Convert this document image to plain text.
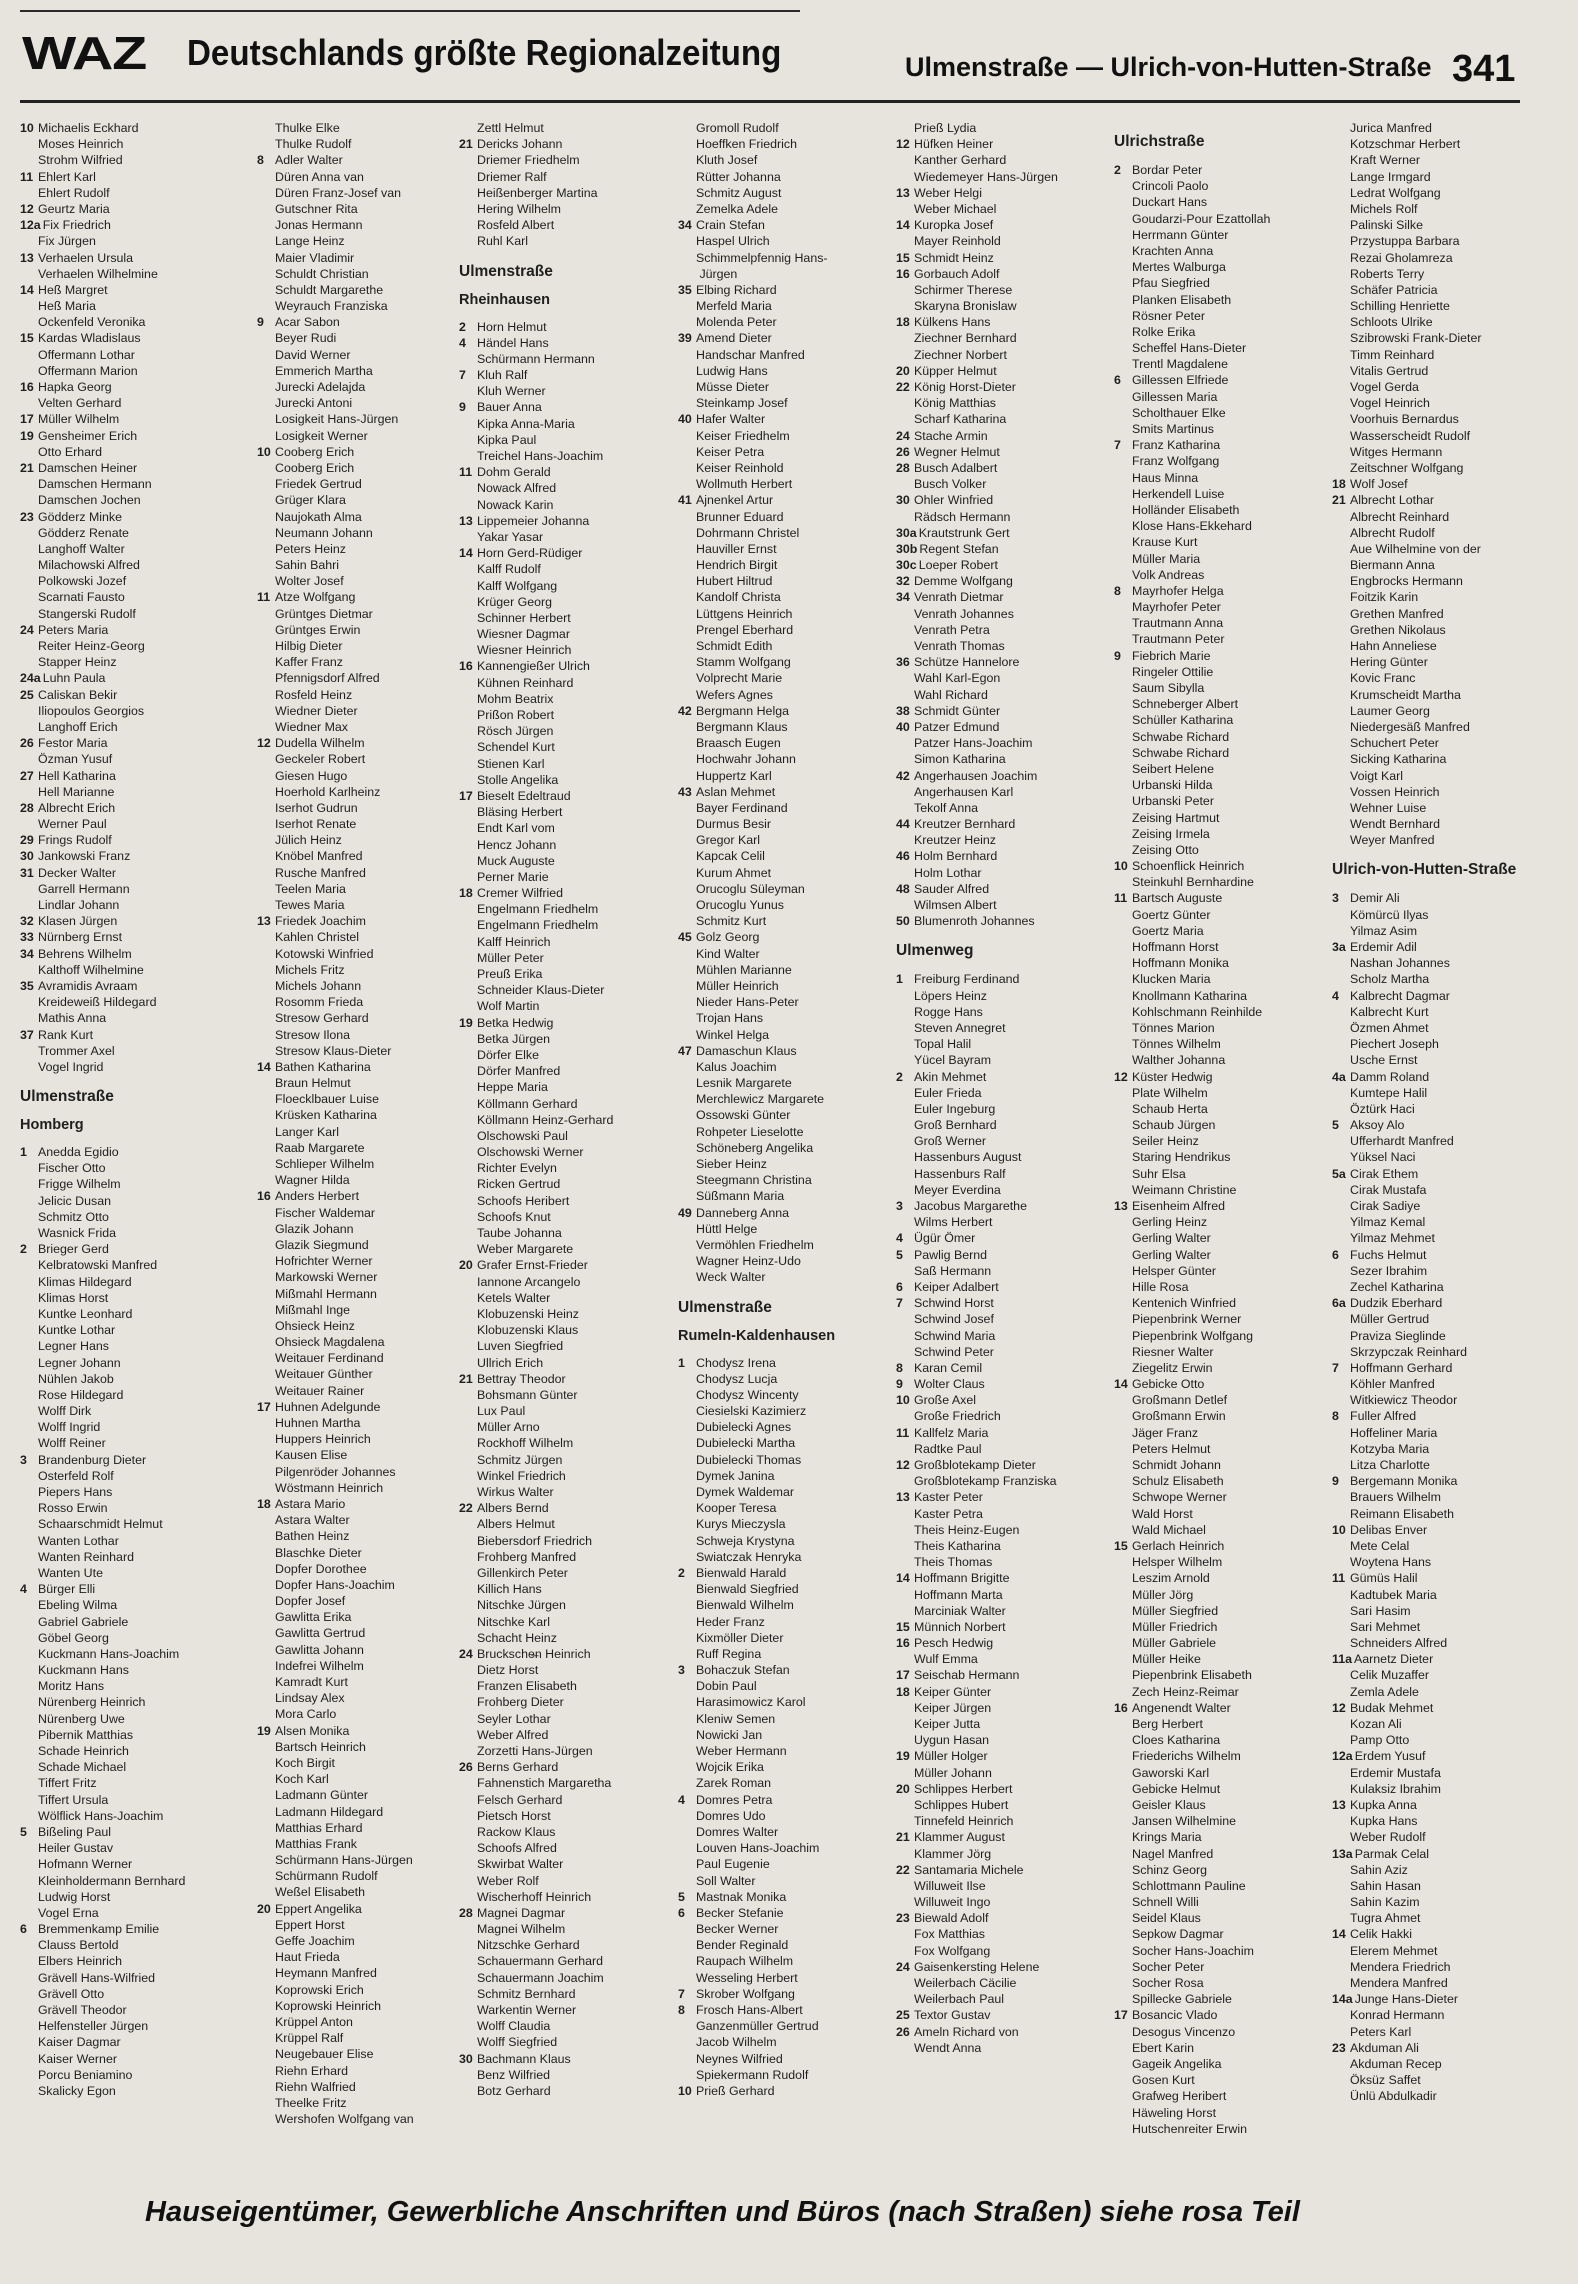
WAZ Deutschlands größte Regionalzeitung	Ulmenstraße — Ulrich-von-Hutten-Straße 341
10 Michaelis Eckhard
Moses Heinrich
Strohm Wilfried
11 Ehlert Karl
Ehlert Rudolf
12 Geurtz Maria
12a Fix Friedrich
Fix Jürgen
13 Verhaelen Ursula
Verhaelen Wilhelmine
14 Heß Margret
Heß Maria
Ockenfeld Veronika
15 Kardas Wladislaus
Offermann Lothar
Offermann Marion
16 Hapka Georg
Velten Gerhard
17 Müller Wilhelm
19 Gensheimer Erich
Otto Erhard
21 Damschen Heiner
Damschen Hermann
Damschen Jochen
23 Gödderz Minke
Gödderz Renate
Langhoff Walter
Milachowski Alfred
Polkowski Jozef
Scarnati Fausto
Stangerski Rudolf
24 Peters Maria
Reiter Heinz-Georg
Stapper Heinz
24a Luhn Paula
25 Caliskan Bekir
Iliopoulos Georgios
Langhoff Erich
26 Festor Maria
Özman Yusuf
27 Hell Katharina
Hell Marianne
28 Albrecht Erich
Werner Paul
29 Frings Rudolf
30 Jankowski Franz
31 Decker Walter
Garrell Hermann
Lindlar Johann
32 Klasen Jürgen
33 Nürnberg Ernst
34 Behrens Wilhelm
Kalthoff Wilhelmine
35 Avramidis Avraam
Kreideweiß Hildegard
Mathis Anna
37 Rank Kurt
Trommer Axel
Vogel Ingrid
Ulmenstraße
Homberg
1 Anedda Egidio
Fischer Otto
Frigge Wilhelm
Jelicic Dusan
Schmitz Otto
Wasnick Frida
2 Brieger Gerd
Kelbratowski Manfred
Klimas Hildegard
Klimas Horst
Kuntke Leonhard
Kuntke Lothar
Legner Hans
Legner Johann
Nühlen Jakob
Rose Hildegard
Wolff Dirk
Wolff Ingrid
Wolff Reiner
3 Brandenburg Dieter
Osterfeld Rolf
Piepers Hans
Rosso Erwin
Schaarschmidt Helmut
Wanten Lothar
Wanten Reinhard
Wanten Ute
4 Bürger Elli
Ebeling Wilma
Gabriel Gabriele
Göbel Georg
Kuckmann Hans-Joachim
Kuckmann Hans
Moritz Hans
Nürenberg Heinrich
Nürenberg Uwe
Pibernik Matthias
Schade Heinrich
Schade Michael
Tiffert Fritz
Tiffert Ursula
Wölflick Hans-Joachim
5 Bißeling Paul
Heiler Gustav
Hofmann Werner
Kleinholdermann Bernhard
Ludwig Horst
Vogel Erna
6 Bremmenkamp Emilie
Clauss Bertold
Elbers Heinrich
Grävell Hans-Wilfried
Grävell Otto
Grävell Theodor
Helfensteller Jürgen
Kaiser Dagmar
Kaiser Werner
Porcu Beniamino
Skalicky Egon
Thulke Elke
Thulke Rudolf
8 Adler Walter
Düren Anna van
Düren Franz-Josef van
Gutschner Rita
Jonas Hermann
Lange Heinz
Maier Vladimir
Schuldt Christian
Schuldt Margarethe
Weyrauch Franziska
9 Acar Sabon
Beyer Rudi
David Werner
Emmerich Martha
Jurecki Adelajda
Jurecki Antoni
Losigkeit Hans-Jürgen
Losigkeit Werner
10 Cooberg Erich
Cooberg Erich
Friedek Gertrud
Grüger Klara
Naujokath Alma
Neumann Johann
Peters Heinz
Sahin Bahri
Wolter Josef
11 Atze Wolfgang
Grüntges Dietmar
Grüntges Erwin
Hilbig Dieter
Kaffer Franz
Pfennigsdorf Alfred
Rosfeld Heinz
Wiedner Dieter
Wiedner Max
12 Dudella Wilhelm
Geckeler Robert
Giesen Hugo
Hoerhold Karlheinz
Iserhot Gudrun
Iserhot Renate
Jülich Heinz
Knöbel Manfred
Rusche Manfred
Teelen Maria
Tewes Maria
13 Friedek Joachim
Kahlen Christel
Kotowski Winfried
Michels Fritz
Michels Johann
Rosomm Frieda
Stresow Gerhard
Stresow Ilona
Stresow Klaus-Dieter
14 Bathen Katharina
Braun Helmut
Floecklbauer Luise
Krüsken Katharina
Langer Karl
Raab Margarete
Schlieper Wilhelm
Wagner Hilda
16 Anders Herbert
Fischer Waldemar
Glazik Johann
Glazik Siegmund
Hofrichter Werner
Markowski Werner
Mißmahl Hermann
Mißmahl Inge
Ohsieck Heinz
Ohsieck Magdalena
Weitauer Ferdinand
Weitauer Günther
Weitauer Rainer
17 Huhnen Adelgunde
Huhnen Martha
Huppers Heinrich
Kausen Elise
Pilgenröder Johannes
Wöstmann Heinrich
18 Astara Mario
Astara Walter
Bathen Heinz
Blaschke Dieter
Dopfer Dorothee
Dopfer Hans-Joachim
Dopfer Josef
Gawlitta Erika
Gawlitta Gertrud
Gawlitta Johann
Indefrei Wilhelm
Kamradt Kurt
Lindsay Alex
Mora Carlo
19 Alsen Monika
Bartsch Heinrich
Koch Birgit
Koch Karl
Ladmann Günter
Ladmann Hildegard
Matthias Erhard
Matthias Frank
Schürmann Hans-Jürgen
Schürmann Rudolf
Weßel Elisabeth
20 Eppert Angelika
Eppert Horst
Geffe Joachim
Haut Frieda
Heymann Manfred
Koprowski Erich
Koprowski Heinrich
Krüppel Anton
Krüppel Ralf
Neugebauer Elise
Riehn Erhard
Riehn Walfried
Theelke Fritz
Wershofen Wolfgang van
Zettl Helmut
21 Dericks Johann
Driemer Friedhelm
Driemer Ralf
Heißenberger Martina
Hering Wilhelm
Rosfeld Albert
Ruhl Karl
Ulmenstraße
Rheinhausen
2 Horn Helmut
4 Händel Hans
Schürmann Hermann
7 Kluh Ralf
Kluh Werner
9 Bauer Anna
Kipka Anna-Maria
Kipka Paul
Treichel Hans-Joachim
11 Dohm Gerald
Nowack Alfred
Nowack Karin
13 Lippemeier Johanna
Yakar Yasar
14 Horn Gerd-Rüdiger
Kalff Rudolf
Kalff Wolfgang
Krüger Georg
Schinner Herbert
Wiesner Dagmar
Wiesner Heinrich
16 Kannengießer Ulrich
Kühnen Reinhard
Mohm Beatrix
Prißon Robert
Rösch Jürgen
Schendel Kurt
Stienen Karl
Stolle Angelika
17 Bieselt Edeltraud
Bläsing Herbert
Endt Karl vom
Hencz Johann
Muck Auguste
Perner Marie
18 Cremer Wilfried
Engelmann Friedhelm
Engelmann Friedhelm
Kalff Heinrich
Müller Peter
Preuß Erika
Schneider Klaus-Dieter
Wolf Martin
19 Betka Hedwig
Betka Jürgen
Dörfer Elke
Dörfer Manfred
Heppe Maria
Köllmann Gerhard
Köllmann Heinz-Gerhard
Olschowski Paul
Olschowski Werner
Richter Evelyn
Ricken Gertrud
Schoofs Heribert
Schoofs Knut
Taube Johanna
Weber Margarete
20 Grafer Ernst-Frieder
Iannone Arcangelo
Ketels Walter
Klobuzenski Heinz
Klobuzenski Klaus
Luven Siegfried
Ullrich Erich
21 Bettray Theodor
Bohsmann Günter
Lux Paul
Müller Arno
Rockhoff Wilhelm
Schmitz Jürgen
Winkel Friedrich
Wirkus Walter
22 Albers Bernd
Albers Helmut
Biebersdorf Friedrich
Frohberg Manfred
Gillenkirch Peter
Killich Hans
Nitschke Jürgen
Nitschke Karl
Schacht Heinz
24 Brucksche̶n Heinrich
Dietz Horst
Franzen Elisabeth
Frohberg Dieter
Seyler Lothar
Weber Alfred
Zorzetti Hans-Jürgen
26 Berns Gerhard
Fahnenstich Margaretha
Felsch Gerhard
Pietsch Horst
Rackow Klaus
Schoofs Alfred
Skwirbat Walter
Weber Rolf
Wischerhoff Heinrich
28 Magnei Dagmar
Magnei Wilhelm
Nitzschke Gerhard
Schauermann Gerhard
Schauermann Joachim
Schmitz Bernhard
Warkentin Werner
Wolff Claudia
Wolff Siegfried
30 Bachmann Klaus
Benz Wilfried
Botz Gerhard
Gromoll Rudolf
Hoeffken Friedrich
Kluth Josef
Rütter Johanna
Schmitz August
Zemelka Adele
34 Crain Stefan
Haspel Ulrich
Schimmelpfennig Hans-
Jürgen
35 Elbing Richard
Merfeld Maria
Molenda Peter
39 Amend Dieter
Handschar Manfred
Ludwig Hans
Müsse Dieter
Steinkamp Josef
40 Hafer Walter
Keiser Friedhelm
Keiser Petra
Keiser Reinhold
Wollmuth Herbert
41 Ajnenkel Artur
Brunner Eduard
Dohrmann Christel
Hauviller Ernst
Hendrich Birgit
Hubert Hiltrud
Kandolf Christa
Lüttgens Heinrich
Prengel Eberhard
Schmidt Edith
Stamm Wolfgang
Volprecht Marie
Wefers Agnes
42 Bergmann Helga
Bergmann Klaus
Braasch Eugen
Hochwahr Johann
Huppertz Karl
43 Aslan Mehmet
Bayer Ferdinand
Durmus Besir
Gregor Karl
Kapcak Celil
Kurum Ahmet
Orucoglu Süleyman
Orucoglu Yunus
Schmitz Kurt
45 Golz Georg
Kind Walter
Mühlen Marianne
Müller Heinrich
Nieder Hans-Peter
Trojan Hans
Winkel Helga
47 Damaschun Klaus
Kalus Joachim
Lesnik Margarete
Merchlewicz Margarete
Ossowski Günter
Rohpeter Lieselotte
Schöneberg Angelika
Sieber Heinz
Steegmann Christina
Süßmann Maria
49 Danneberg Anna
Hüttl Helge
Vermöhlen Friedhelm
Wagner Heinz-Udo
Weck Walter
Ulmenstraße
Rumeln-Kaldenhausen
1 Chodysz Irena
Chodysz Lucja
Chodysz Wincenty
Ciesielski Kazimierz
Dubielecki Agnes
Dubielecki Martha
Dubielecki Thomas
Dymek Janina
Dymek Waldemar
Kooper Teresa
Kurys Mieczysla
Schweja Krystyna
Swiatczak Henryka
2 Bienwald Harald
Bienwald Siegfried
Bienwald Wilhelm
Heder Franz
Kixmöller Dieter
Ruff Regina
3 Bohaczuk Stefan
Dobin Paul
Harasimowicz Karol
Kleniw Semen
Nowicki Jan
Weber Hermann
Wojcik Erika
Zarek Roman
4 Domres Petra
Domres Udo
Domres Walter
Louven Hans-Joachim
Paul Eugenie
Soll Walter
5 Mastnak Monika
6 Becker Stefanie
Becker Werner
Bender Reginald
Raupach Wilhelm
Wesseling Herbert
7 Skrober Wolfgang
8 Frosch Hans-Albert
Ganzenmüller Gertrud
Jacob Wilhelm
Neynes Wilfried
Spiekermann Rudolf
10 Prieß Gerhard
Prieß Lydia
12 Hüfken Heiner
Kanther Gerhard
Wiedemeyer Hans-Jürgen
13 Weber Helgi
Weber Michael
14 Kuropka Josef
Mayer Reinhold
15 Schmidt Heinz
16 Gorbauch Adolf
Schirmer Therese
Skaryna Bronislaw
18 Külkens Hans
Ziechner Bernhard
Ziechner Norbert
20 Küpper Helmut
22 König Horst-Dieter
König Matthias
Scharf Katharina
24 Stache Armin
26 Wegner Helmut
28 Busch Adalbert
Busch Volker
30 Ohler Winfried
Rädsch Hermann
30a Krautstrunk Gert
30b Regent Stefan
30c Loeper Robert
32 Demme Wolfgang
34 Venrath Dietmar
Venrath Johannes
Venrath Petra
Venrath Thomas
36 Schütze Hannelore
Wahl Karl-Egon
Wahl Richard
38 Schmidt Günter
40 Patzer Edmund
Patzer Hans-Joachim
Simon Katharina
42 Angerhausen Joachim
Angerhausen Karl
Tekolf Anna
44 Kreutzer Bernhard
Kreutzer Heinz
46 Holm Bernhard
Holm Lothar
48 Sauder Alfred
Wilmsen Albert
50 Blumenroth Johannes
Ulmenweg
1 Freiburg Ferdinand
Löpers Heinz
Rogge Hans
Steven Annegret
Topal Halil
Yücel Bayram
2 Akin Mehmet
Euler Frieda
Euler Ingeburg
Groß Bernhard
Groß Werner
Hassenburs August
Hassenburs Ralf
Meyer Everdina
3 Jacobus Margarethe
Wilms Herbert
4 Ügür Ömer
5 Pawlig Bernd
Saß Hermann
6 Keiper Adalbert
7 Schwind Horst
Schwind Josef
Schwind Maria
Schwind Peter
8 Karan Cemil
9 Wolter Claus
10 Große Axel
Große Friedrich
11 Kallfelz Maria
Radtke Paul
12 Großblotekamp Dieter
Großblotekamp Franziska
13 Kaster Peter
Kaster Petra
Theis Heinz-Eugen
Theis Katharina
Theis Thomas
14 Hoffmann Brigitte
Hoffmann Marta
Marciniak Walter
15 Münnich Norbert
16 Pesch Hedwig
Wulf Emma
17 Seischab Hermann
18 Keiper Günter
Keiper Jürgen
Keiper Jutta
Uygun Hasan
19 Müller Holger
Müller Johann
20 Schlippes Herbert
Schlippes Hubert
Tinnefeld Heinrich
21 Klammer August
Klammer Jörg
22 Santamaria Michele
Willuweit Ilse
Willuweit Ingo
23 Biewald Adolf
Fox Matthias
Fox Wolfgang
24 Gaisenkersting Helene
Weilerbach Cäcilie
Weilerbach Paul
25 Textor Gustav
26 Ameln Richard von
Wendt Anna
Ulrichstraße
2 Bordar Peter
Crincoli Paolo
Duckart Hans
Goudarzi-Pour Ezattollah
Herrmann Günter
Krachten Anna
Mertes Walburga
Pfau Siegfried
Planken Elisabeth
Rösner Peter
Rolke Erika
Scheffel Hans-Dieter
Trentl Magdalene
6 Gillessen Elfriede
Gillessen Maria
Scholthauer Elke
Smits Martinus
7 Franz Katharina
Franz Wolfgang
Haus Minna
Herkendell Luise
Holländer Elisabeth
Klose Hans-Ekkehard
Krause Kurt
Müller Maria
Volk Andreas
8 Mayrhofer Helga
Mayrhofer Peter
Trautmann Anna
Trautmann Peter
9 Fiebrich Marie
Ringeler Ottilie
Saum Sibylla
Schneberger Albert
Schüller Katharina
Schwabe Richard
Schwabe Richard
Seibert Helene
Urbanski Hilda
Urbanski Peter
Zeising Hartmut
Zeising Irmela
Zeising Otto
10 Schoenflick Heinrich
Steinkuhl Bernhardine
11 Bartsch Auguste
Goertz Günter
Goertz Maria
Hoffmann Horst
Hoffmann Monika
Klucken Maria
Knollmann Katharina
Kohlschmann Reinhilde
Tönnes Marion
Tönnes Wilhelm
Walther Johanna
12 Küster Hedwig
Plate Wilhelm
Schaub Herta
Schaub Jürgen
Seiler Heinz
Staring Hendrikus
Suhr Elsa
Weimann Christine
13 Eisenheim Alfred
Gerling Heinz
Gerling Walter
Gerling Walter
Helsper Günter
Hille Rosa
Kentenich Winfried
Piepenbrink Werner
Piepenbrink Wolfgang
Riesner Walter
Ziegelitz Erwin
14 Gebicke Otto
Großmann Detlef
Großmann Erwin
Jäger Franz
Peters Helmut
Schmidt Johann
Schulz Elisabeth
Schwope Werner
Wald Horst
Wald Michael
15 Gerlach Heinrich
Helsper Wilhelm
Leszim Arnold
Müller Jörg
Müller Siegfried
Müller Friedrich
Müller Gabriele
Müller Heike
Piepenbrink Elisabeth
Zech Heinz-Reimar
16 Angenendt Walter
Berg Herbert
Cloes Katharina
Friederichs Wilhelm
Gaworski Karl
Gebicke Helmut
Geisler Klaus
Jansen Wilhelmine
Krings Maria
Nagel Manfred
Schinz Georg
Schlottmann Pauline
Schnell Willi
Seidel Klaus
Sepkow Dagmar
Socher Hans-Joachim
Socher Peter
Socher Rosa
Spillecke Gabriele
17 Bosancic Vlado
Desogus Vincenzo
Ebert Karin
Gageik Angelika
Gosen Kurt
Grafweg Heribert
Häweling Horst
Hutschenreiter Erwin
Jurica Manfred
Kotzschmar Herbert
Kraft Werner
Lange Irmgard
Ledrat Wolfgang
Michels Rolf
Palinski Silke
Przystuppa Barbara
Rezai Gholamreza
Roberts Terry
Schäfer Patricia
Schilling Henriette
Schloots Ulrike
Szibrowski Frank-Dieter
Timm Reinhard
Vitalis Gertrud
Vogel Gerda
Vogel Heinrich
Voorhuis Bernardus
Wasserscheidt Rudolf
Witges Hermann
Zeitschner Wolfgang
18 Wolf Josef
21 Albrecht Lothar
Albrecht Reinhard
Albrecht Rudolf
Aue Wilhelmine von der
Biermann Anna
Engbrocks Hermann
Foitzik Karin
Grethen Manfred
Grethen Nikolaus
Hahn Anneliese
Hering Günter
Kovic Franc
Krumscheidt Martha
Laumer Georg
Niedergesäß Manfred
Schuchert Peter
Sicking Katharina
Voigt Karl
Vossen Heinrich
Wehner Luise
Wendt Bernhard
Weyer Manfred
Ulrich-von-Hutten-Straße
3 Demir Ali
Kömürcü Ilyas
Yilmaz Asim
3a Erdemir Adil
Nashan Johannes
Scholz Martha
4 Kalbrecht Dagmar
Kalbrecht Kurt
Özmen Ahmet
Piechert Joseph
Usche Ernst
4a Damm Roland
Kumtepe Halil
Öztürk Haci
5 Aksoy Alo
Ufferhardt Manfred
Yüksel Naci
5a Cirak Ethem
Cirak Mustafa
Cirak Sadiye
Yilmaz Kemal
Yilmaz Mehmet
6 Fuchs Helmut
Sezer Ibrahim
Zechel Katharina
6a Dudzik Eberhard
Müller Gertrud
Praviza Sieglinde
Skrzypczak Reinhard
7 Hoffmann Gerhard
Köhler Manfred
Witkiewicz Theodor
8 Fuller Alfred
Hoffeliner Maria
Kotzyba Maria
Litza Charlotte
9 Bergemann Monika
Brauers Wilhelm
Reimann Elisabeth
10 Delibas Enver
Mete Celal
Woytena Hans
11 Gümüs Halil
Kadtubek Maria
Sari Hasim
Sari Mehmet
Schneiders Alfred
11a Aarnetz Dieter
Celik Muzaffer
Zemla Adele
12 Budak Mehmet
Kozan Ali
Pamp Otto
12a Erdem Yusuf
Erdemir Mustafa
Kulaksiz Ibrahim
13 Kupka Anna
Kupka Hans
Weber Rudolf
13a Parmak Celal
Sahin Aziz
Sahin Hasan
Sahin Kazim
Tugra Ahmet
14 Celik Hakki
Elerem Mehmet
Mendera Friedrich
Mendera Manfred
14a Junge Hans-Dieter
Konrad Hermann
Peters Karl
23 Akduman Ali
Akduman Recep
Öksüz Saffet
Ünlü Abdulkadir
Hauseigentümer, Gewerbliche Anschriften und Büros (nach Straßen) siehe rosa Teil
